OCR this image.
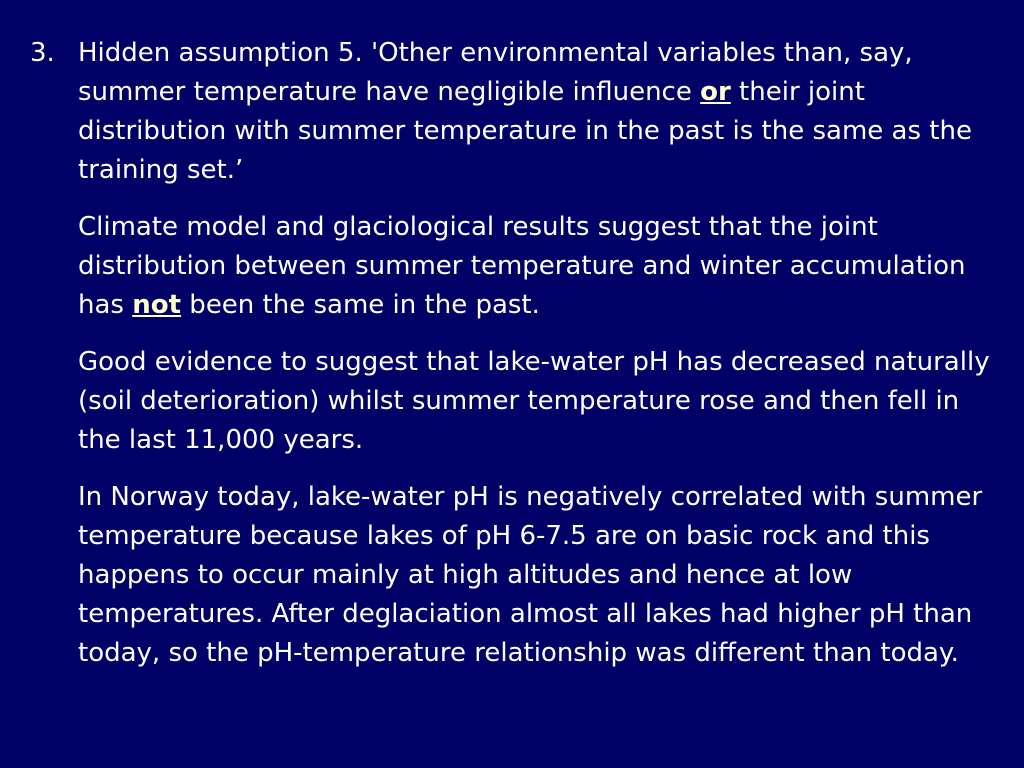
3. Hidden assumption 5. 'Other environmental variables than, say, summer temperature have negligible influence or their joint distribution with summer temperature in the past is the same as the training set.’

Climate model and glaciological results suggest that the joint distribution between summer temperature and winter accumulation has not been the same in the past.

Good evidence to suggest that lake-water pH has decreased naturally (soil deterioration) whilst summer temperature rose and then fell in the last 11,000 years.

In Norway today, lake-water pH is negatively correlated with summer temperature because lakes of pH 6-7.5 are on basic rock and this happens to occur mainly at high altitudes and hence at low temperatures. After deglaciation almost all lakes had higher pH than today, so the pH-temperature relationship was different than today.
